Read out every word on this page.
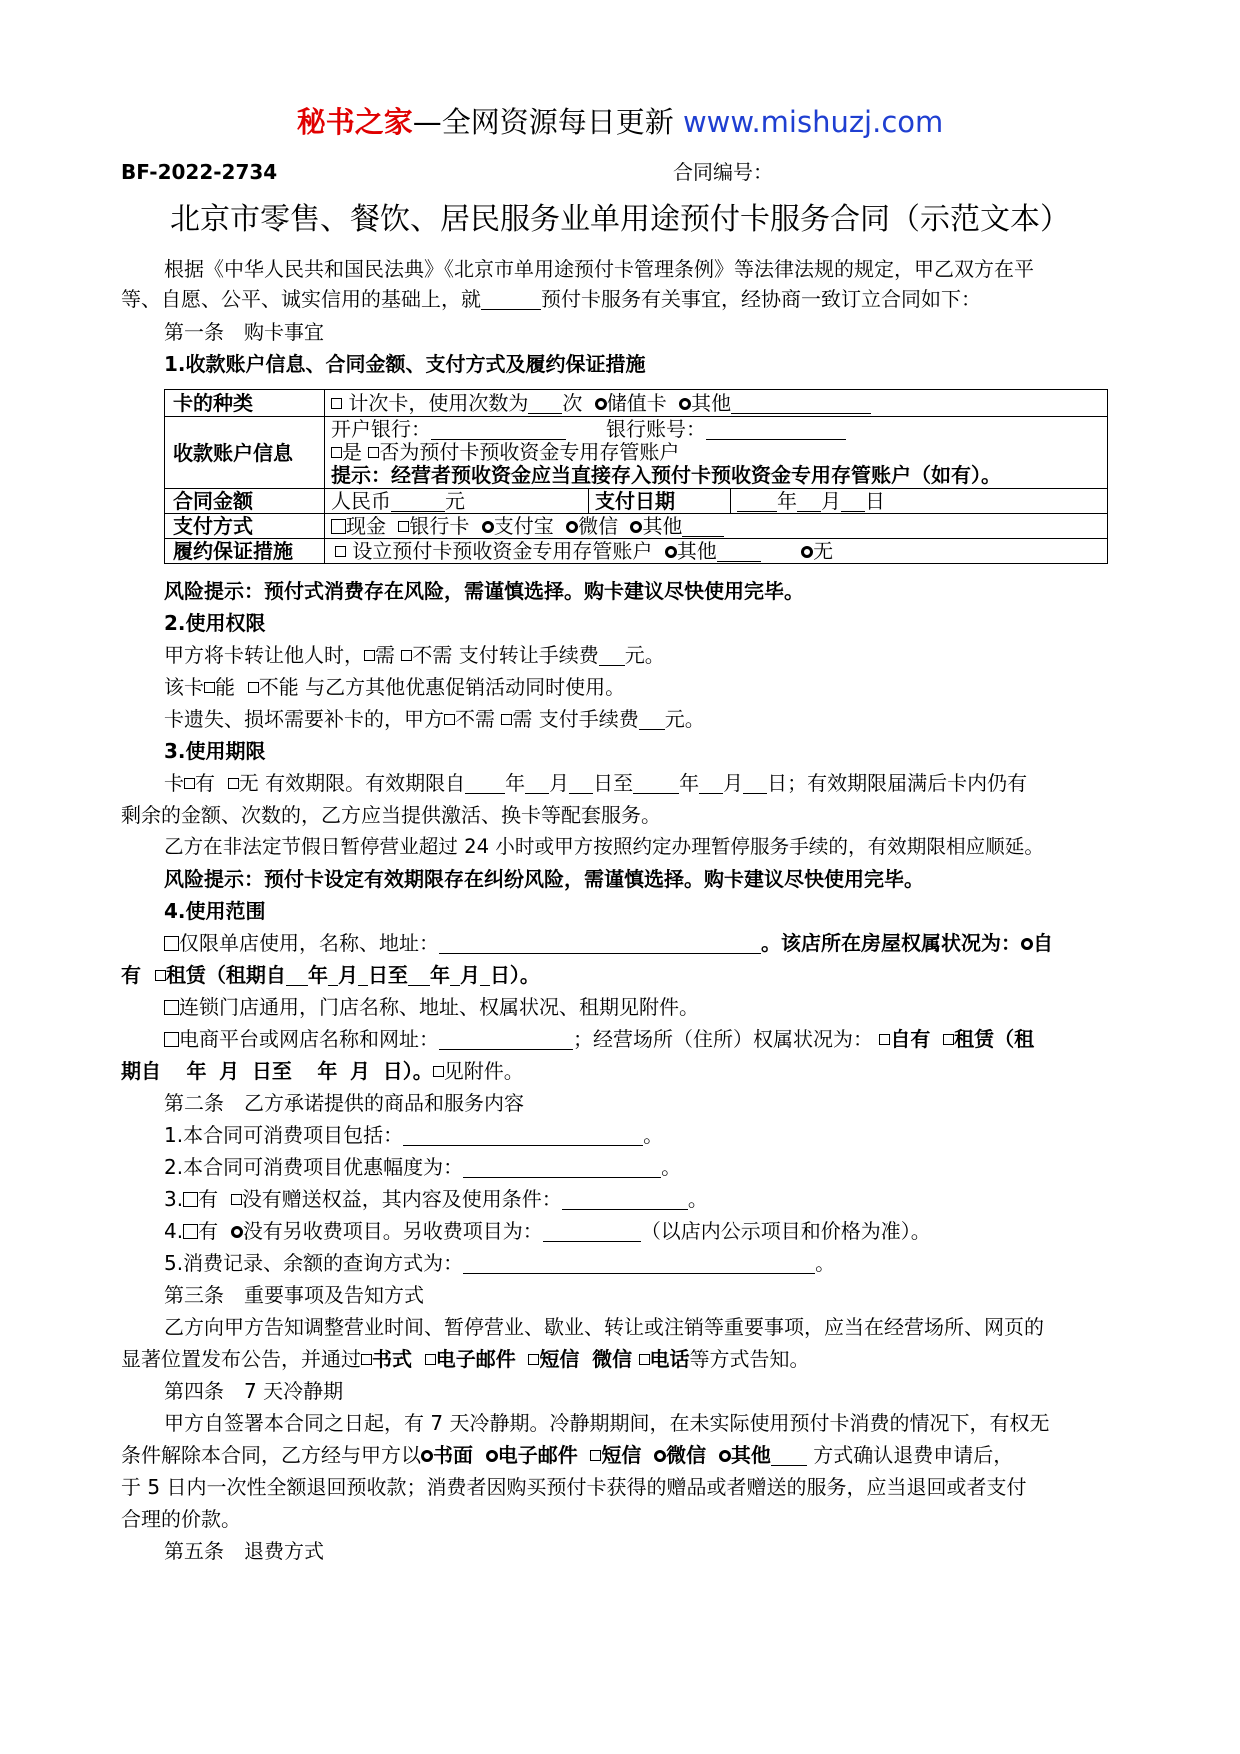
秘书之家—全网资源每日更新 www.mishuzj.com
BF-2022-2734	合同编号：
北京市零售、餐饮、居民服务业单用途预付卡服务合同（示范文本）
根据《中华人民共和国民法典》《北京市单用途预付卡管理条例》等法律法规的规定，甲乙双方在平
等、自愿、公平、诚实信用的基础上，就	预付卡服务有关事宜，经协商一致订立合同如下：
第一条　购卡事宜
1.收款账户信息、合同金额、支付方式及履约保证措施
卡的种类	计次卡，使用次数为 次 储值卡 其他		
收款账户信息	开户银行： 银行账号：
是 否为预付卡预收资金专用存管账户
提示：经营者预收资金应当直接存入预付卡预收资金专用存管账户（如有）。		

合同金额	人民币 元	支付日期	年 月 日
支付方式	现金 银行卡 支付宝 微信 其他		
履约保证措施	设立预付卡预收资金专用存管账户 其他 无		
风险提示：预付式消费存在风险，需谨慎选择。购卡建议尽快使用完毕。
2.使用权限
甲方将卡转让他人时， 需 不需 支付转让手续费 元。
该卡 能 不能 与乙方其他优惠促销活动同时使用。
卡遗失、损坏需要补卡的，甲方 不需 需 支付手续费 元。
3.使用期限
卡 有 无 有效期限。有效期限自 年 月 日至 年 月 日；有效期限届满后卡内仍有
剩余的金额、次数的，乙方应当提供激活、换卡等配套服务。
乙方在非法定节假日暂停营业超过 24 小时或甲方按照约定办理暂停服务手续的，有效期限相应顺延。
风险提示：预付卡设定有效期限存在纠纷风险，需谨慎选择。购卡建议尽快使用完毕。
4.使用范围
仅限单店使用，名称、地址：	。该店所在房屋权属状况为： 自
有 租赁（租期自 年 月 日至 年 月 日）。
连锁门店通用，门店名称、地址、权属状况、租期见附件。
电商平台或网店名称和网址：	；经营场所（住所）权属状况为： 自有 租赁（租
期自 年 月 日至 年 月 日）。 见附件。
第二条　乙方承诺提供的商品和服务内容
1.本合同可消费项目包括：	。
2.本合同可消费项目优惠幅度为：	。
3. 有 没有赠送权益，其内容及使用条件：	。
4. 有 没有另收费项目。另收费项目为：	（以店内公示项目和价格为准）。
5.消费记录、余额的查询方式为：	。
第三条　重要事项及告知方式
乙方向甲方告知调整营业时间、暂停营业、歇业、转让或注销等重要事项，应当在经营场所、网页的
显著位置发布公告，并通过 书式 电子邮件 短信 微信 电话等方式告知。
第四条　7 天冷静期
甲方自签署本合同之日起，有 7 天冷静期。冷静期期间，在未实际使用预付卡消费的情况下，有权无
条件解除本合同，乙方经与甲方以 书面 电子邮件 短信 微信 其他 方式确认退费申请后，
于 5 日内一次性全额退回预收款；消费者因购买预付卡获得的赠品或者赠送的服务，应当退回或者支付
合理的价款。
第五条　退费方式
